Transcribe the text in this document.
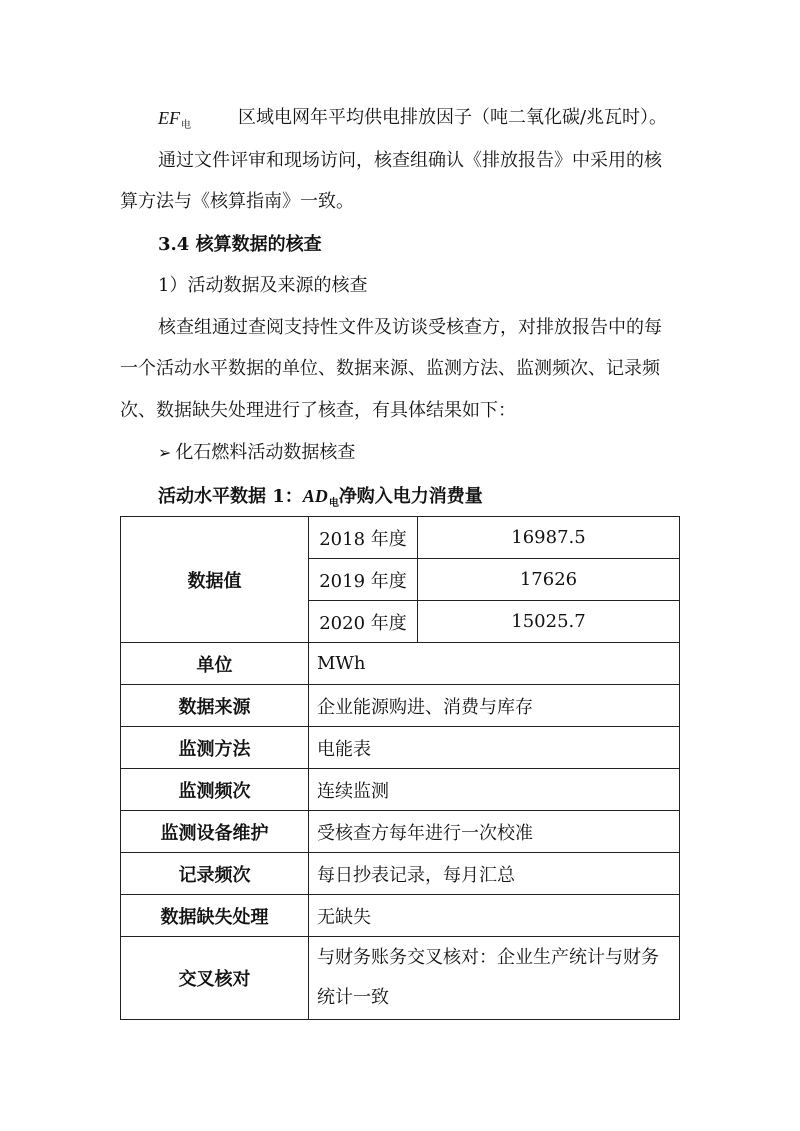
$EF_电$	区域电网年平均供电排放因子（吨二氧化碳/兆瓦时）。
通过文件评审和现场访问，核查组确认《排放报告》中采用的核
算方法与《核算指南》一致。
3.4 核算数据的核查
1）活动数据及来源的核查
核查组通过查阅支持性文件及访谈受核查方，对排放报告中的每
一个活动水平数据的单位、数据来源、监测方法、监测频次、记录频
次、数据缺失处理进行了核查，有具体结果如下：
➢ 化石燃料活动数据核查
活动水平数据 1：$AD_电$净购入电力消费量
数据值	2018 年度	16987.5
	2019 年度	17626
	2020 年度	15025.7
单位	MWh	
数据来源	企业能源购进、消费与库存	
监测方法	电能表	
监测频次	连续监测	
监测设备维护	受核查方每年进行一次校准	
记录频次	每日抄表记录，每月汇总	
数据缺失处理	无缺失	
交叉核对	与财务账务交叉核对：企业生产统计与财务
统计一致	
